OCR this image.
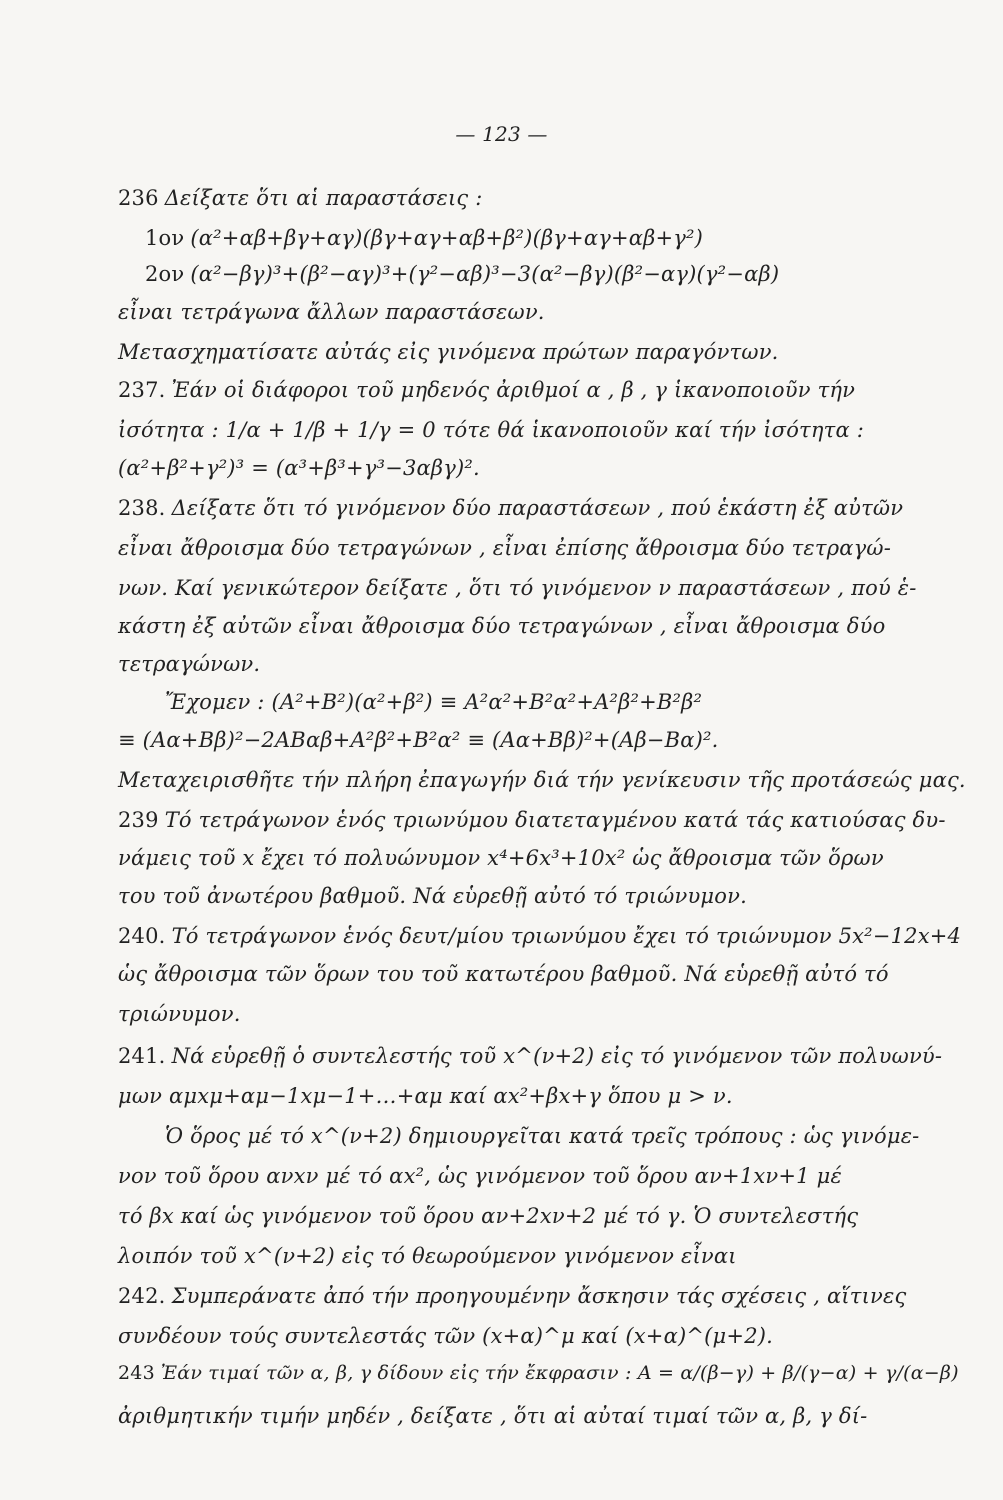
— 123 —
236 Δείξατε ὅτι αἱ παραστάσεις :
1ον (α²+αβ+βγ+αγ)(βγ+αγ+αβ+β²)(βγ+αγ+αβ+γ²)
2ον (α²−βγ)³+(β²−αγ)³+(γ²−αβ)³−3(α²−βγ)(β²−αγ)(γ²−αβ)
εἶναι τετράγωνα ἄλλων παραστάσεων.
Μετασχηματίσατε αὐτάς εἰς γινόμενα πρώτων παραγόντων.
237. Ἐάν οἱ διάφοροι τοῦ μηδενός ἀριθμοί α , β , γ ἱκανοποιοῦν τήν
ἰσότητα : 1/α + 1/β + 1/γ = 0 τότε θά ἱκανοποιοῦν καί τήν ἰσότητα :
(α²+β²+γ²)³ = (α³+β³+γ³−3αβγ)².
238. Δείξατε ὅτι τό γινόμενον δύο παραστάσεων , πού ἑκάστη ἐξ αὐτῶν
εἶναι ἄθροισμα δύο τετραγώνων , εἶναι ἐπίσης ἄθροισμα δύο τετραγώ-
νων. Καί γενικώτερον δείξατε , ὅτι τό γινόμενον ν παραστάσεων , πού ἑ-
κάστη ἐξ αὐτῶν εἶναι ἄθροισμα δύο τετραγώνων , εἶναι ἄθροισμα δύο
τετραγώνων.
Ἔχομεν : (Α²+Β²)(α²+β²) ≡ Α²α²+Β²α²+Α²β²+Β²β²
≡ (Αα+Ββ)²−2ΑΒαβ+Α²β²+Β²α² ≡ (Αα+Ββ)²+(Αβ−Βα)².
Μεταχειρισθῆτε τήν πλήρη ἐπαγωγήν διά τήν γενίκευσιν τῆς προτάσεώς μας.
239 Τό τετράγωνον ἑνός τριωνύμου διατεταγμένου κατά τάς κατιούσας δυ-
νάμεις τοῦ x ἔχει τό πολυώνυμον x⁴+6x³+10x² ὡς ἄθροισμα τῶν ὅρων
του τοῦ ἀνωτέρου βαθμοῦ. Νά εὑρεθῇ αὐτό τό τριώνυμον.
240. Τό τετράγωνον ἑνός δευτ/μίου τριωνύμου ἔχει τό τριώνυμον 5x²−12x+4
ὡς ἄθροισμα τῶν ὅρων του τοῦ κατωτέρου βαθμοῦ. Νά εὑρεθῇ αὐτό τό
τριώνυμον.
241. Νά εὑρεθῇ ὁ συντελεστής τοῦ x^(ν+2) εἰς τό γινόμενον τῶν πολυωνύ-
μων αμxμ+αμ−1xμ−1+…+αμ καί αx²+βx+γ ὅπου μ > ν.
Ὁ ὅρος μέ τό x^(ν+2) δημιουργεῖται κατά τρεῖς τρόπους : ὡς γινόμε-
νον τοῦ ὅρου ανxν μέ τό αx², ὡς γινόμενον τοῦ ὅρου αν+1xν+1 μέ
τό βx καί ὡς γινόμενον τοῦ ὅρου αν+2xν+2 μέ τό γ. Ὁ συντελεστής
λοιπόν τοῦ x^(ν+2) εἰς τό θεωρούμενον γινόμενον εἶναι
242. Συμπεράνατε ἀπό τήν προηγουμένην ἄσκησιν τάς σχέσεις , αἵτινες
συνδέουν τούς συντελεστάς τῶν (x+α)^μ καί (x+α)^(μ+2).
243 Ἐάν τιμαί τῶν α, β, γ δίδουν εἰς τήν ἔκφρασιν : A = α/(β−γ) + β/(γ−α) + γ/(α−β)
ἀριθμητικήν τιμήν μηδέν , δείξατε , ὅτι αἱ αὐταί τιμαί τῶν α, β, γ δί-
